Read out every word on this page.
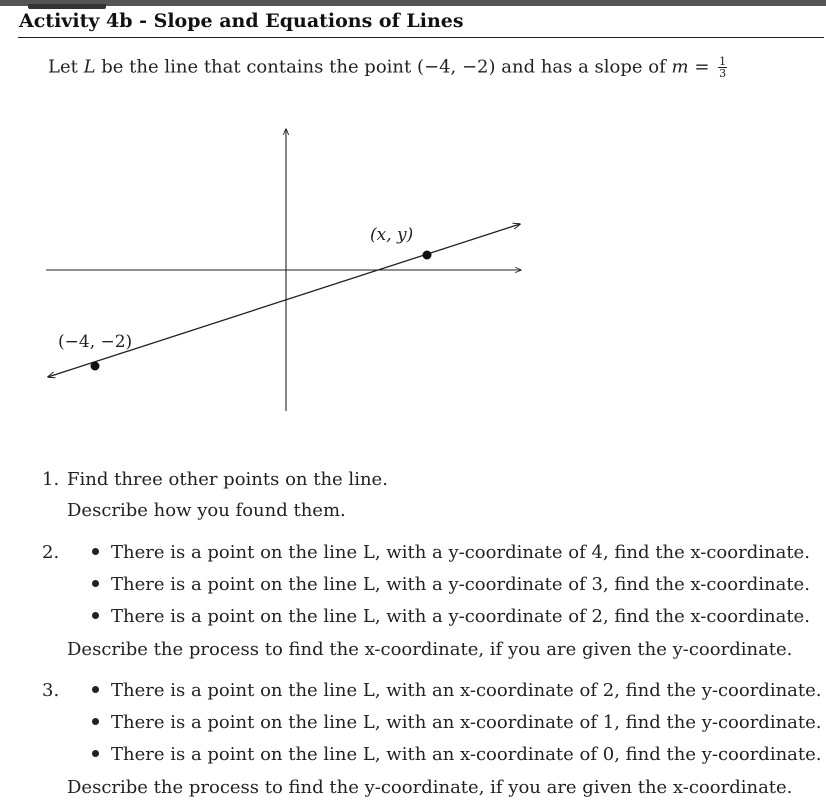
Activity 4b - Slope and Equations of Lines
Let L be the line that contains the point (−4, −2) and has a slope of $m = \frac{1}{3}$
(−4, −2)
(x, y)
1. Find three other points on the line.
Describe how you found them.
2.	There is a point on the line L, with a y-coordinate of 4, find the x-coordinate.
There is a point on the line L, with a y-coordinate of 3, find the x-coordinate.
There is a point on the line L, with a y-coordinate of 2, find the x-coordinate.
Describe the process to find the x-coordinate, if you are given the y-coordinate.
3.	There is a point on the line L, with an x-coordinate of 2, find the y-coordinate.
There is a point on the line L, with an x-coordinate of 1, find the y-coordinate.
There is a point on the line L, with an x-coordinate of 0, find the y-coordinate.
Describe the process to find the y-coordinate, if you are given the x-coordinate.
